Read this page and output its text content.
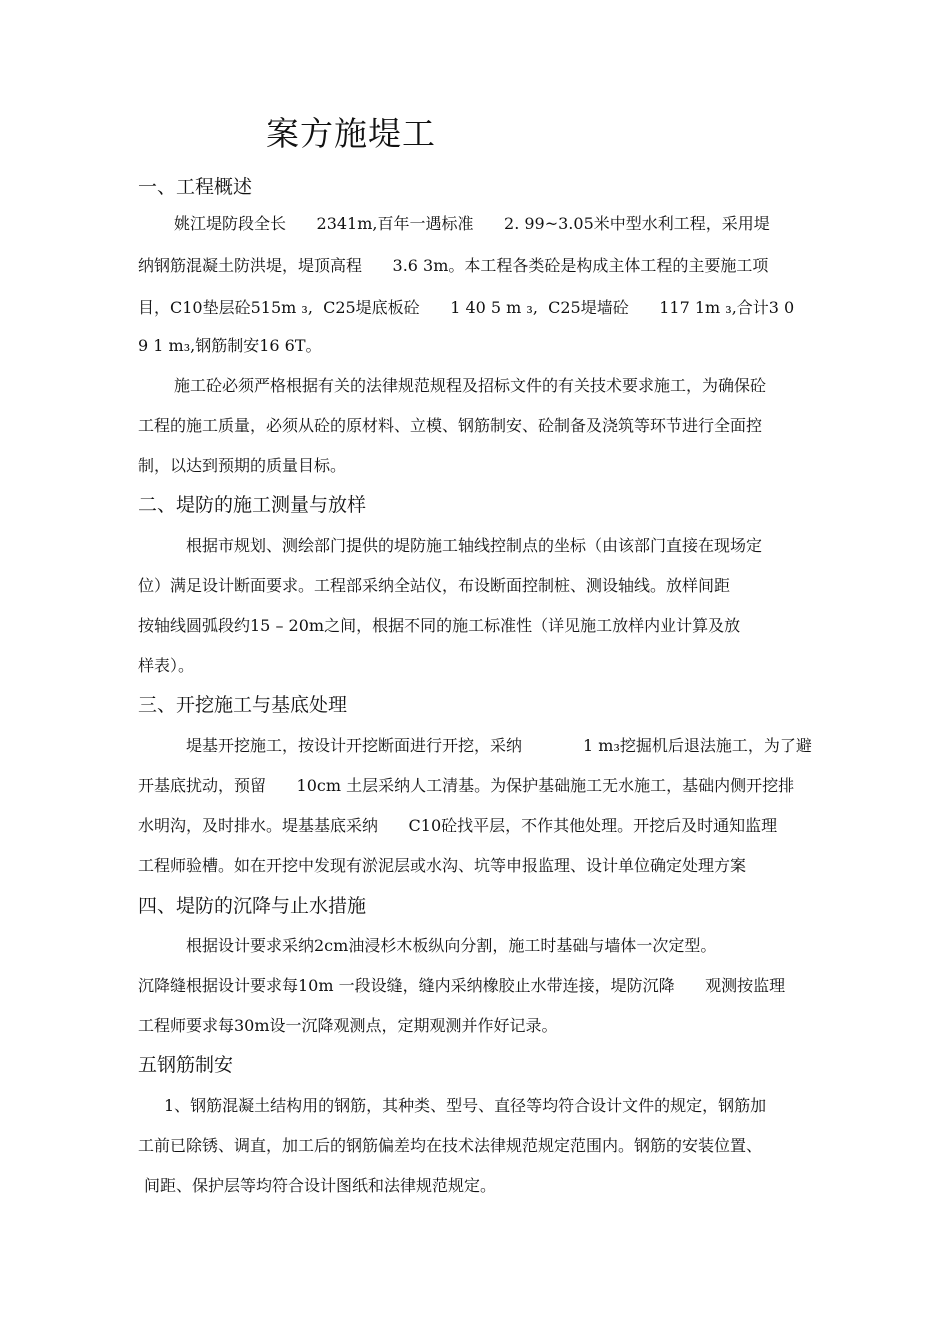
案方施堤工
一、工程概述
姚江堤防段全长      2341m,百年一遇标准      2. 99~3.05米中型水利工程，采用堤
纳钢筋混凝土防洪堤，堤顶高程      3.6 3m。本工程各类砼是构成主体工程的主要施工项
目，C10垫层砼515m ₃,  C25堤底板砼      1 40 5 m ₃,  C25堤墙砼      117 1m ₃,合计3 0
9 1 m₃,钢筋制安16 6T。
施工砼必须严格根据有关的法律规范规程及招标文件的有关技术要求施工，为确保砼
工程的施工质量，必须从砼的原材料、立模、钢筋制安、砼制备及浇筑等环节进行全面控
制，以达到预期的质量目标。
二、堤防的施工测量与放样
根据市规划、测绘部门提供的堤防施工轴线控制点的坐标（由该部门直接在现场定
位）满足设计断面要求。工程部采纳全站仪，布设断面控制桩、测设轴线。放样间距
按轴线圆弧段约15 – 20m之间，根据不同的施工标准性（详见施工放样内业计算及放
样表）。
三、开挖施工与基底处理
堤基开挖施工，按设计开挖断面进行开挖，采纳            1 m₃挖掘机后退法施工，为了避
开基底扰动，预留      10cm 土层采纳人工清基。为保护基础施工无水施工，基础内侧开挖排
水明沟，及时排水。堤基基底采纳      C10砼找平层，不作其他处理。开挖后及时通知监理
工程师验槽。如在开挖中发现有淤泥层或水沟、坑等申报监理、设计单位确定处理方案
四、堤防的沉降与止水措施
根据设计要求采纳2cm油浸杉木板纵向分割，施工时基础与墙体一次定型。
沉降缝根据设计要求每10m 一段设缝，缝内采纳橡胶止水带连接，堤防沉降      观测按监理
工程师要求每30m设一沉降观测点，定期观测并作好记录。
五钢筋制安
1、钢筋混凝土结构用的钢筋，其种类、型号、直径等均符合设计文件的规定，钢筋加
工前已除锈、调直，加工后的钢筋偏差均在技术法律规范规定范围内。钢筋的安装位置、
间距、保护层等均符合设计图纸和法律规范规定。
